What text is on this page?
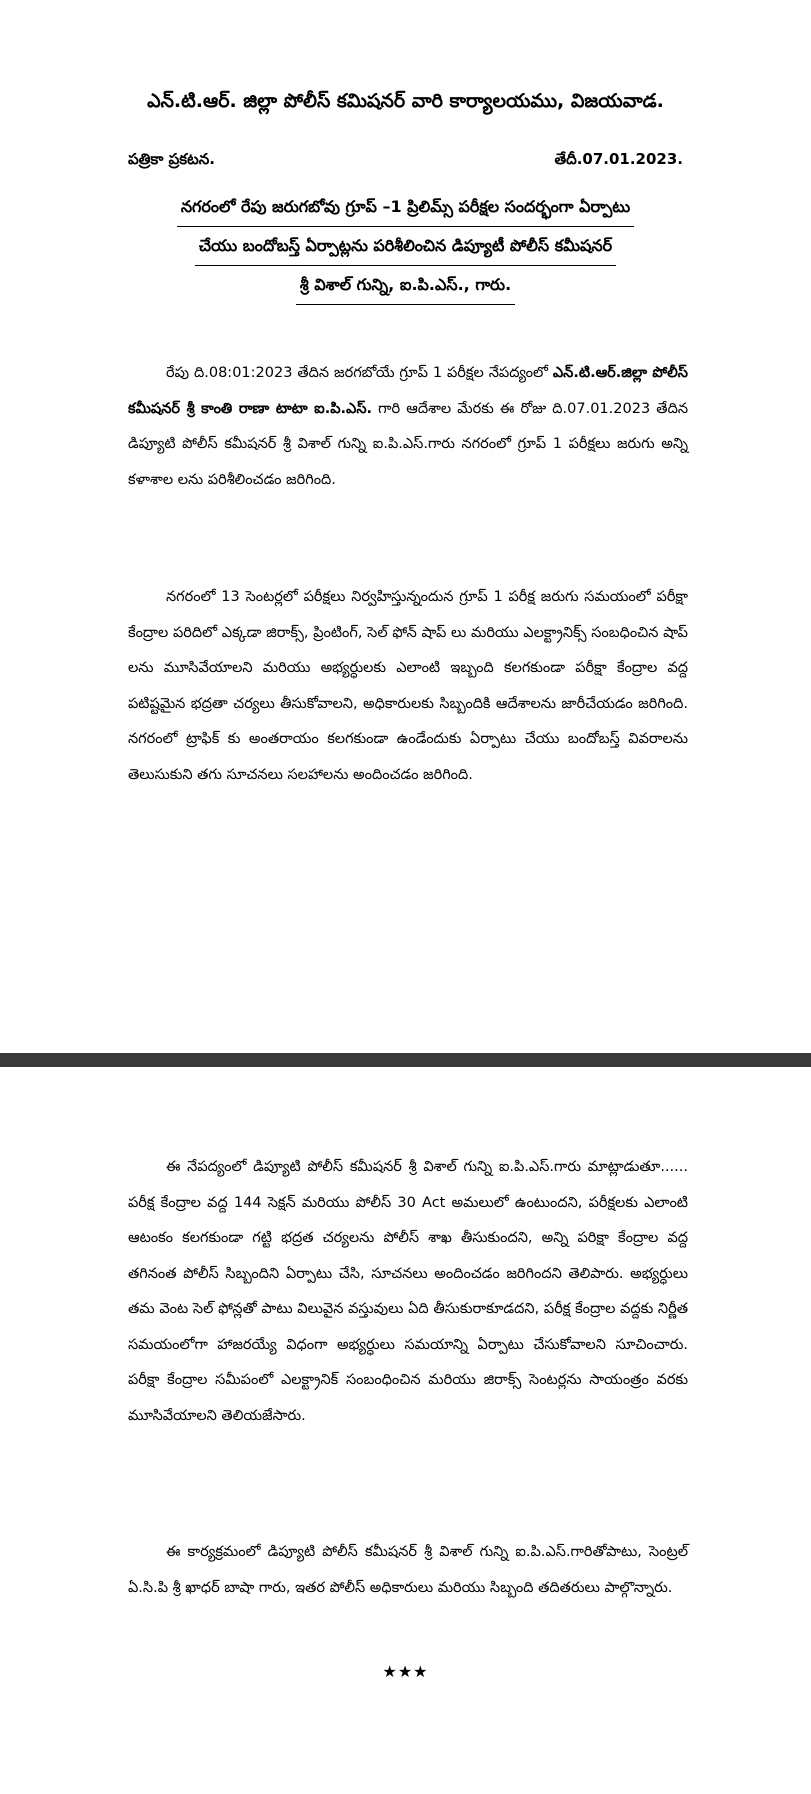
ఎన్.టి.ఆర్. జిల్లా పోలీస్ కమిషనర్ వారి కార్యాలయము, విజయవాడ.
పత్రికా ప్రకటన.	తేదీ.07.01.2023.
నగరంలో రేపు జరుగబోవు గ్రూప్ –1 ప్రిలిమ్స్ పరీక్షల సందర్భంగా ఏర్పాటు
చేయు బందోబస్త్ ఏర్పాట్లను పరిశీలించిన డిప్యూటీ పోలీస్ కమీషనర్
శ్రీ విశాల్ గున్ని, ఐ.పి.ఎస్., గారు.

రేపు ది.08:01:2023 తేదిన జరగబోయే గ్రూప్ 1 పరీక్షల నేపద్యంలో ఎన్.టి.ఆర్.జిల్లా పోలీస్ కమీషనర్ శ్రీ కాంతి రాణా టాటా ఐ.పి.ఎస్. గారి ఆదేశాల మేరకు ఈ రోజు ది.07.01.2023 తేదిన డిప్యూటి పోలీస్ కమీషనర్ శ్రీ విశాల్ గున్ని ఐ.పి.ఎస్.గారు నగరంలో గ్రూప్ 1 పరీక్షలు జరుగు అన్ని కళాశాల లను పరిశీలించడం జరిగింది.

నగరంలో 13 సెంటర్లలో పరీక్షలు నిర్వహిస్తున్నందున గ్రూప్ 1 పరీక్ష జరుగు సమయంలో పరీక్షా కేంద్రాల పరిదిలో ఎక్కడా జిరాక్స్, ప్రింటింగ్, సెల్ ఫోన్ షాప్ లు మరియు ఎలక్ట్రానిక్స్ సంబధించిన షాప్ లను మూసివేయాలని మరియు అభ్యర్ధులకు ఎలాంటి ఇబ్బంది కలగకుండా పరీక్షా కేంద్రాల వద్ద పటిష్టమైన భద్రతా చర్యలు తీసుకోవాలని, అధికారులకు సిబ్బందికి ఆదేశాలను జారీచేయడం జరిగింది. నగరంలో ట్రాఫిక్ కు అంతరాయం కలగకుండా ఉండేందుకు ఏర్పాటు చేయు బందోబస్త్ వివరాలను తెలుసుకుని తగు సూచనలు సలహాలను అందించడం జరిగింది.

ఈ నేపద్యంలో డిప్యూటి పోలీస్ కమీషనర్ శ్రీ విశాల్ గున్ని ఐ.పి.ఎస్.గారు మాట్లాడుతూ...... పరీక్ష కేంద్రాల వద్ద 144 సెక్షన్ మరియు పోలీస్ 30 Act అమలులో ఉంటుందని, పరీక్షలకు ఎలాంటి ఆటంకం కలగకుండా గట్టి భద్రత చర్యలను పోలీస్ శాఖ తీసుకుందని, అన్ని పరిక్షా కేంద్రాల వద్ద తగినంత పోలీస్ సిబ్బందిని ఏర్పాటు చేసి, సూచనలు అందించడం జరిగిందని తెలిపారు. అభ్యర్ధులు తమ వెంట సెల్ ఫోన్లతో పాటు విలువైన వస్తువులు ఏది తీసుకురాకూడదని, పరీక్ష కేంద్రాల వద్దకు నిర్ణీత సమయంలోగా హాజరయ్యే విధంగా అభ్యర్ధులు సమయాన్ని ఏర్పాటు చేసుకోవాలని సూచించారు. పరీక్షా కేంద్రాల సమీపంలో ఎలక్ట్రానిక్ సంబంధించిన మరియు జిరాక్స్ సెంటర్లను సాయంత్రం వరకు మూసివేయాలని తెలియజేసారు.

ఈ కార్యక్రమంలో డిప్యూటి పోలీస్ కమీషనర్ శ్రీ విశాల్ గున్ని ఐ.పి.ఎస్.గారితోపాటు, సెంట్రల్ ఏ.సి.పి శ్రీ ఖాధర్ బాషా గారు, ఇతర పోలీస్ అధికారులు మరియు సిబ్బంది తదితరులు పాల్గొన్నారు.

★★★
